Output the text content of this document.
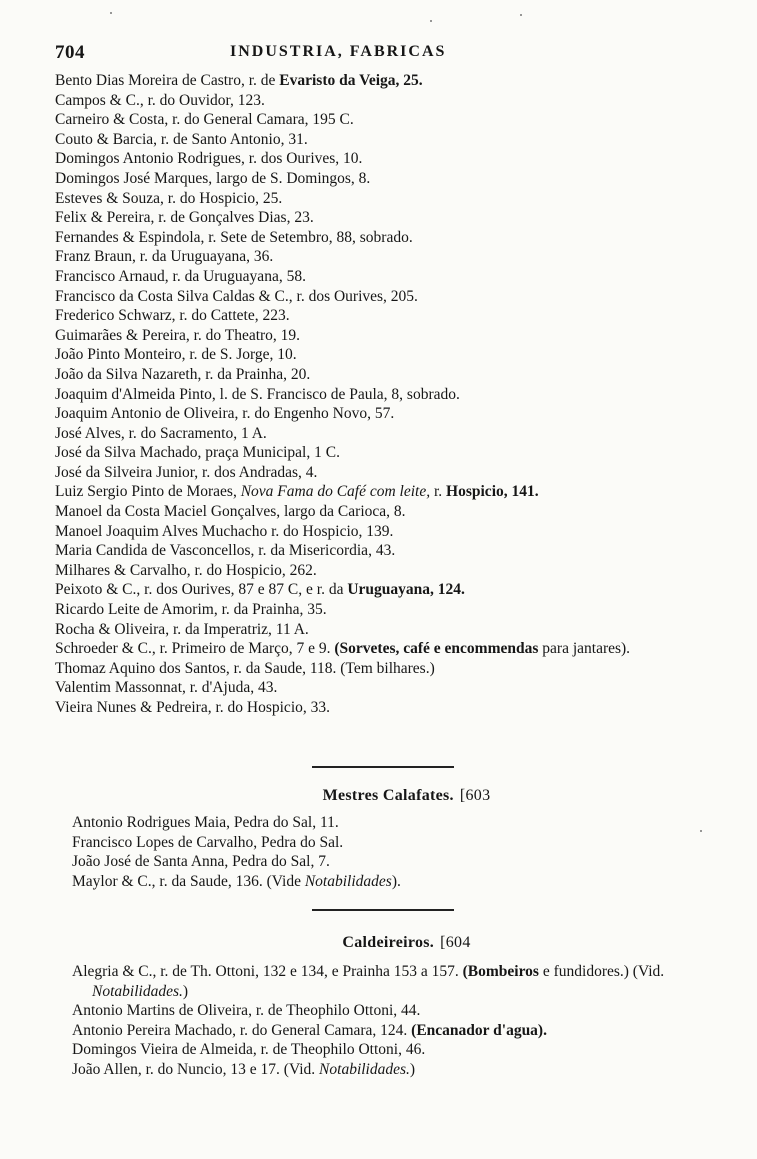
704	INDUSTRIA, FABRICAS
Bento Dias Moreira de Castro, r. de Evaristo da Veiga, 25.
Campos & C., r. do Ouvidor, 123.
Carneiro & Costa, r. do General Camara, 195 C.
Couto & Barcia, r. de Santo Antonio, 31.
Domingos Antonio Rodrigues, r. dos Ourives, 10.
Domingos José Marques, largo de S. Domingos, 8.
Esteves & Souza, r. do Hospicio, 25.
Felix & Pereira, r. de Gonçalves Dias, 23.
Fernandes & Espindola, r. Sete de Setembro, 88, sobrado.
Franz Braun, r. da Uruguayana, 36.
Francisco Arnaud, r. da Uruguayana, 58.
Francisco da Costa Silva Caldas & C., r. dos Ourives, 205.
Frederico Schwarz, r. do Cattete, 223.
Guimarães & Pereira, r. do Theatro, 19.
João Pinto Monteiro, r. de S. Jorge, 10.
João da Silva Nazareth, r. da Prainha, 20.
Joaquim d'Almeida Pinto, l. de S. Francisco de Paula, 8, sobrado.
Joaquim Antonio de Oliveira, r. do Engenho Novo, 57.
José Alves, r. do Sacramento, 1 A.
José da Silva Machado, praça Municipal, 1 C.
José da Silveira Junior, r. dos Andradas, 4.
Luiz Sergio Pinto de Moraes, Nova Fama do Café com leite, r. Hospicio, 141.
Manoel da Costa Maciel Gonçalves, largo da Carioca, 8.
Manoel Joaquim Alves Muchacho r. do Hospicio, 139.
Maria Candida de Vasconcellos, r. da Misericordia, 43.
Milhares & Carvalho, r. do Hospicio, 262.
Peixoto & C., r. dos Ourives, 87 e 87 C, e r. da Uruguayana, 124.
Ricardo Leite de Amorim, r. da Prainha, 35.
Rocha & Oliveira, r. da Imperatriz, 11 A.
Schroeder & C., r. Primeiro de Março, 7 e 9. (Sorvetes, café e encommendas para jantares).
Thomaz Aquino dos Santos, r. da Saude, 118. (Tem bilhares.)
Valentim Massonnat, r. d'Ajuda, 43.
Vieira Nunes & Pedreira, r. do Hospicio, 33.
Mestres Calafates. [603
Antonio Rodrigues Maia, Pedra do Sal, 11.
Francisco Lopes de Carvalho, Pedra do Sal.
João José de Santa Anna, Pedra do Sal, 7.
Maylor & C., r. da Saude, 136. (Vide Notabilidades).
Caldeireiros. [604
Alegria & C., r. de Th. Ottoni, 132 e 134, e Prainha 153 a 157. (Bombeiros e fundidores.) (Vid. Notabilidades.)
Antonio Martins de Oliveira, r. de Theophilo Ottoni, 44.
Antonio Pereira Machado, r. do General Camara, 124. (Encanador d'agua).
Domingos Vieira de Almeida, r. de Theophilo Ottoni, 46.
João Allen, r. do Nuncio, 13 e 17. (Vid. Notabilidades.)
